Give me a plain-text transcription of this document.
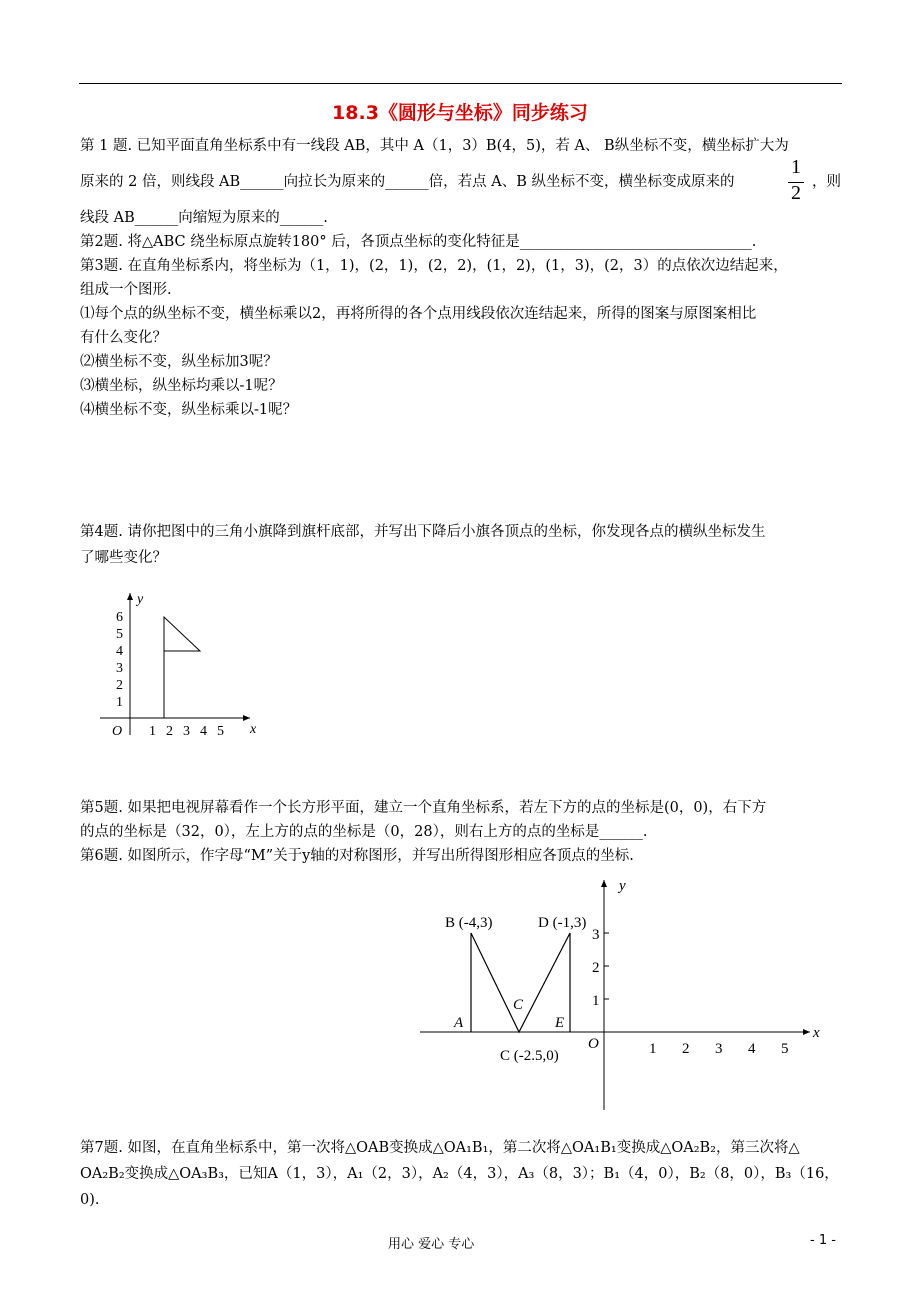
18.3《圆形与坐标》同步练习
第 1 题. 已知平面直角坐标系中有一线段 AB，其中 A（1，3）B(4，5)，若 A、 B纵坐标不变，横坐标扩大为
原来的 2 倍，则线段 AB______向拉长为原来的______倍，若点 A、B 纵坐标不变，横坐标变成原来的
1
2 ，则
线段 AB______向缩短为原来的______.
第2题. 将△ABC 绕坐标原点旋转180° 后，各顶点坐标的变化特征是________________________________.
第3题. 在直角坐标系内，将坐标为（1，1)，(2，1)，(2，2)，(1，2)，(1，3)，(2，3）的点依次边结起来，
组成一个图形.
⑴每个点的纵坐标不变，横坐标乘以2，再将所得的各个点用线段依次连结起来，所得的图案与原图案相比
有什么变化？
⑵横坐标不变，纵坐标加3呢？
⑶横坐标，纵坐标均乘以-1呢？
⑷横坐标不变，纵坐标乘以-1呢？
第4题. 请你把图中的三角小旗降到旗杆底部，并写出下降后小旗各顶点的坐标，你发现各点的横纵坐标发生
了哪些变化？
y
x
O 1 2 3 4 5
1
2
3
4
5
6
第5题. 如果把电视屏幕看作一个长方形平面，建立一个直角坐标系，若左下方的点的坐标是(0，0)，右下方
的点的坐标是（32，0），左上方的点的坐标是（0，28），则右上方的点的坐标是______.
第6题. 如图所示，作字母“M”关于y轴的对称图形，并写出所得图形相应各顶点的坐标.
y
x
O
B (-4,3)	D (-1,3)
A	E
C
C (-2.5,0)	1 2 3 4 5
1
2
3
第7题. 如图，在直角坐标系中，第一次将△OAB变换成△OA₁B₁，第二次将△OA₁B₁变换成△OA₂B₂，第三次将△
OA₂B₂变换成△OA₃B₃，已知A（1，3），A₁（2，3），A₂（4，3），A₃（8，3）；B₁（4，0），B₂（8，0），B₃（16，
0).
用心 爱心 专心	- 1 -
